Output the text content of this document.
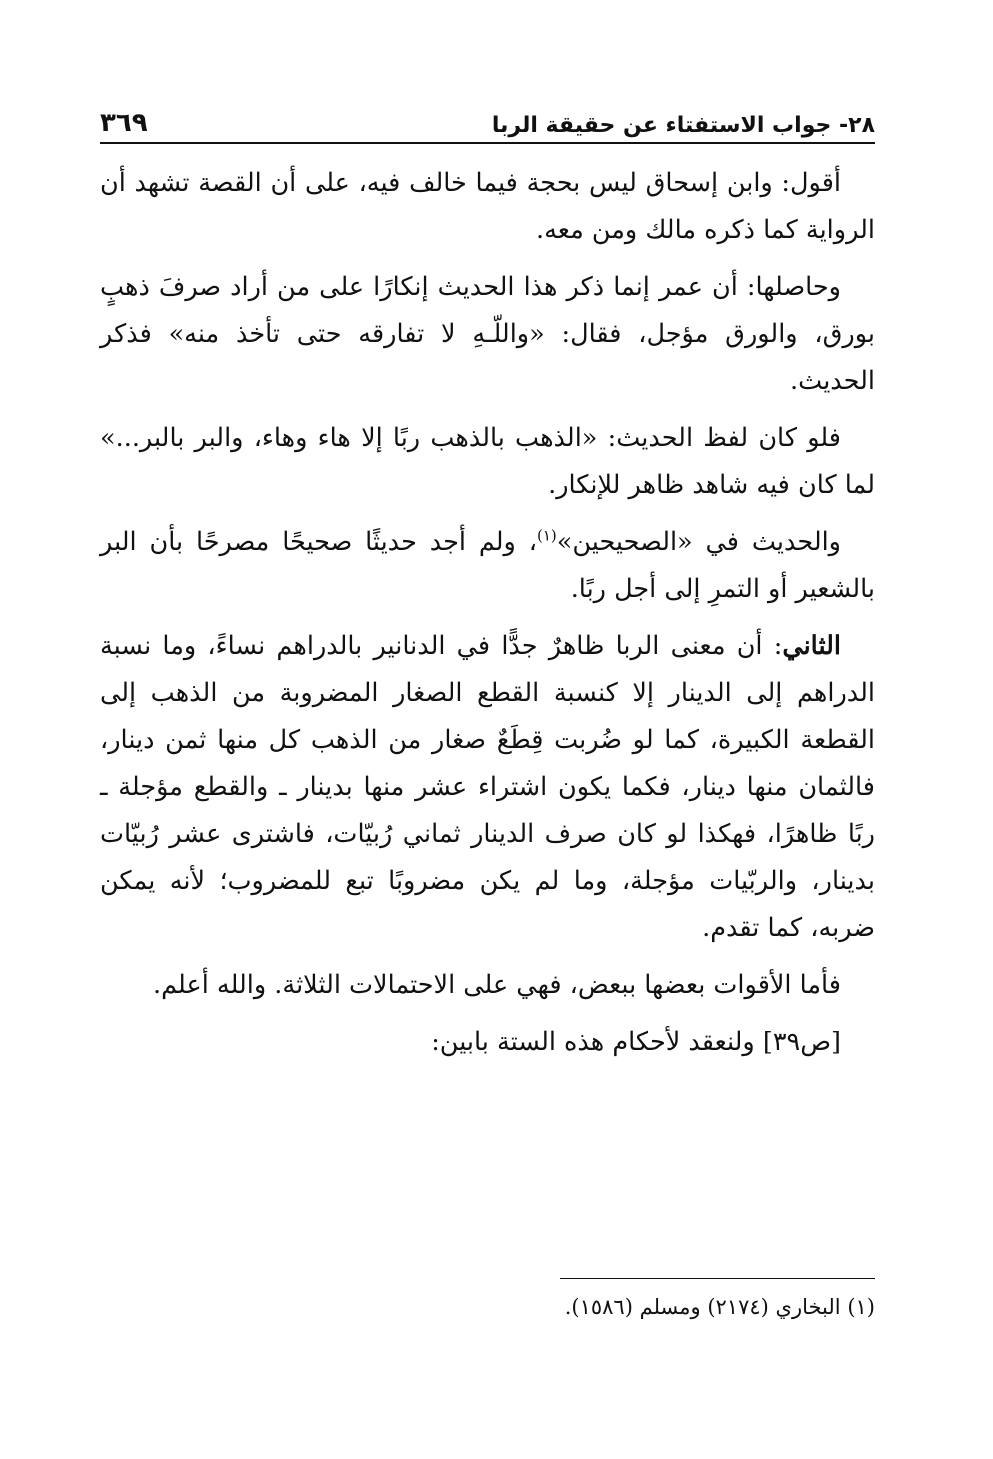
٢٨- جواب الاستفتاء عن حقيقة الربا
٣٦٩

أقول: وابن إسحاق ليس بحجة فيما خالف فيه، على أن القصة تشهد أن الرواية كما ذكره مالك ومن معه.

وحاصلها: أن عمر إنما ذكر هذا الحديث إنكارًا على من أراد صرفَ ذهبٍ بورق، والورق مؤجل، فقال: «واللّـهِ لا تفارقه حتى تأخذ منه» فذكر الحديث.

فلو كان لفظ الحديث: «الذهب بالذهب ربًا إلا هاء وهاء، والبر بالبر...» لما كان فيه شاهد ظاهر للإنكار.

والحديث في «الصحيحين»$^{(١)}$، ولم أجد حديثًا صحيحًا مصرحًا بأن البر بالشعير أو التمرِ إلى أجل ربًا.

الثاني: أن معنى الربا ظاهرٌ جدًّا في الدنانير بالدراهم نساءً، وما نسبة الدراهم إلى الدينار إلا كنسبة القطع الصغار المضروبة من الذهب إلى القطعة الكبيرة، كما لو ضُربت قِطَعٌ صغار من الذهب كل منها ثمن دينار، فالثمان منها دينار، فكما يكون اشتراء عشر منها بدينار ـ والقطع مؤجلة ـ ربًا ظاهرًا، فهكذا لو كان صرف الدينار ثماني رُبيّات، فاشترى عشر رُبيّات بدينار، والربّيات مؤجلة، وما لم يكن مضروبًا تبع للمضروب؛ لأنه يمكن ضربه، كما تقدم.

فأما الأقوات بعضها ببعض، فهي على الاحتمالات الثلاثة. والله أعلم.

[ص٣٩] ولنعقد لأحكام هذه الستة بابين:

(١) البخاري (٢١٧٤) ومسلم (١٥٨٦).
